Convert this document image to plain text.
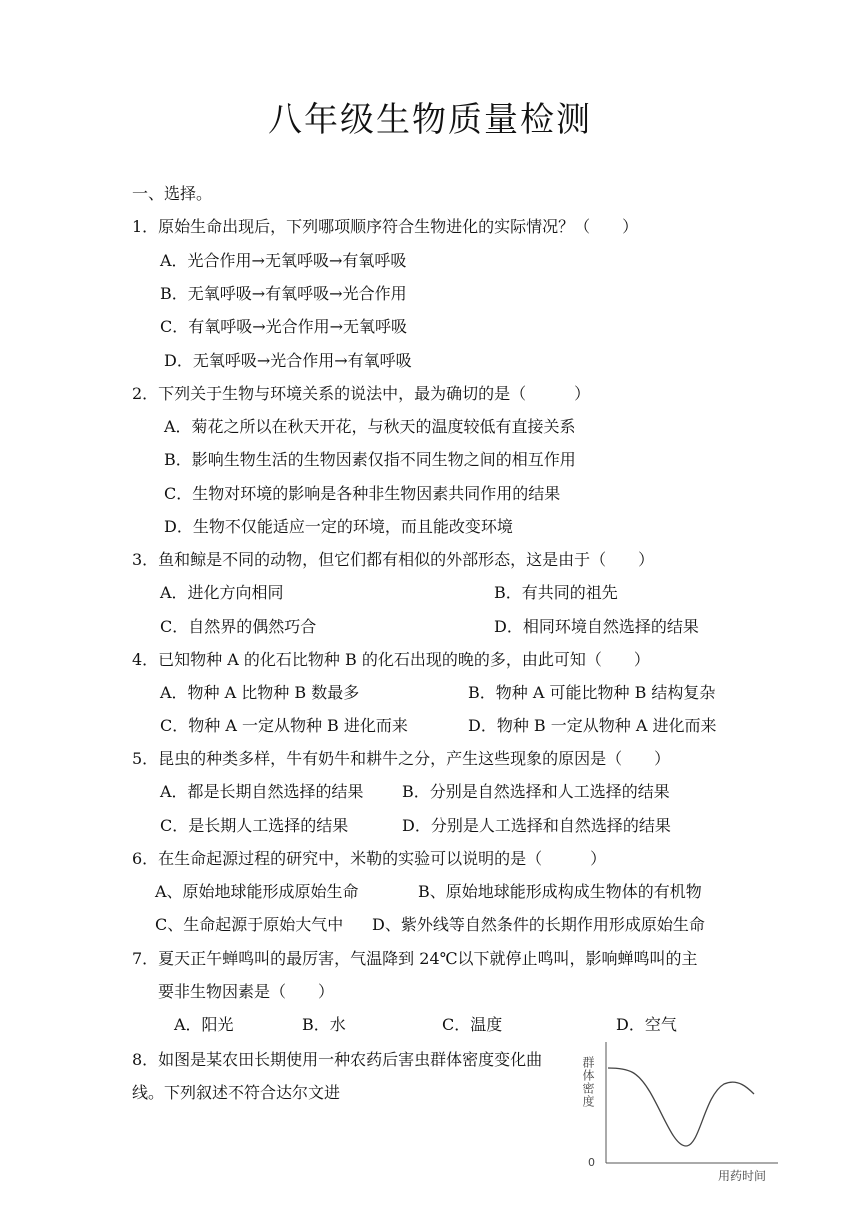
八年级生物质量检测
一、选择。
1．原始生命出现后，下列哪项顺序符合生物进化的实际情况？（　　）
A．光合作用→无氧呼吸→有氧呼吸
B．无氧呼吸→有氧呼吸→光合作用
C．有氧呼吸→光合作用→无氧呼吸
D．无氧呼吸→光合作用→有氧呼吸
2．下列关于生物与环境关系的说法中，最为确切的是（　　　）
A．菊花之所以在秋天开花，与秋天的温度较低有直接关系
B．影响生物生活的生物因素仅指不同生物之间的相互作用
C．生物对环境的影响是各种非生物因素共同作用的结果
D．生物不仅能适应一定的环境，而且能改变环境
3．鱼和鲸是不同的动物，但它们都有相似的外部形态，这是由于（　　）
A．进化方向相同	B．有共同的祖先
C．自然界的偶然巧合	D．相同环境自然选择的结果
4．已知物种 A 的化石比物种 B 的化石出现的晚的多，由此可知（　　）
A．物种 A 比物种 B 数最多	B．物种 A 可能比物种 B 结构复杂
C．物种 A 一定从物种 B 进化而来	D．物种 B 一定从物种 A 进化而来
5．昆虫的种类多样，牛有奶牛和耕牛之分，产生这些现象的原因是（　　）
A．都是长期自然选择的结果 B．分别是自然选择和人工选择的结果
C．是长期人工选择的结果	D．分别是人工选择和自然选择的结果
6．在生命起源过程的研究中，米勒的实验可以说明的是（　　　）
A、原始地球能形成原始生命	B、原始地球能形成构成生物体的有机物
C、生命起源于原始大气中 D、紫外线等自然条件的长期作用形成原始生命
7．夏天正午蝉鸣叫的最厉害，气温降到 24℃以下就停止鸣叫，影响蝉鸣叫的主
要非生物因素是（　　）
A．阳光	B．水	C．温度	D．空气
8．如图是某农田长期使用一种农药后害虫群体密度变化曲
线。下列叙述不符合达尔文进
0
群体密度
用药时间
